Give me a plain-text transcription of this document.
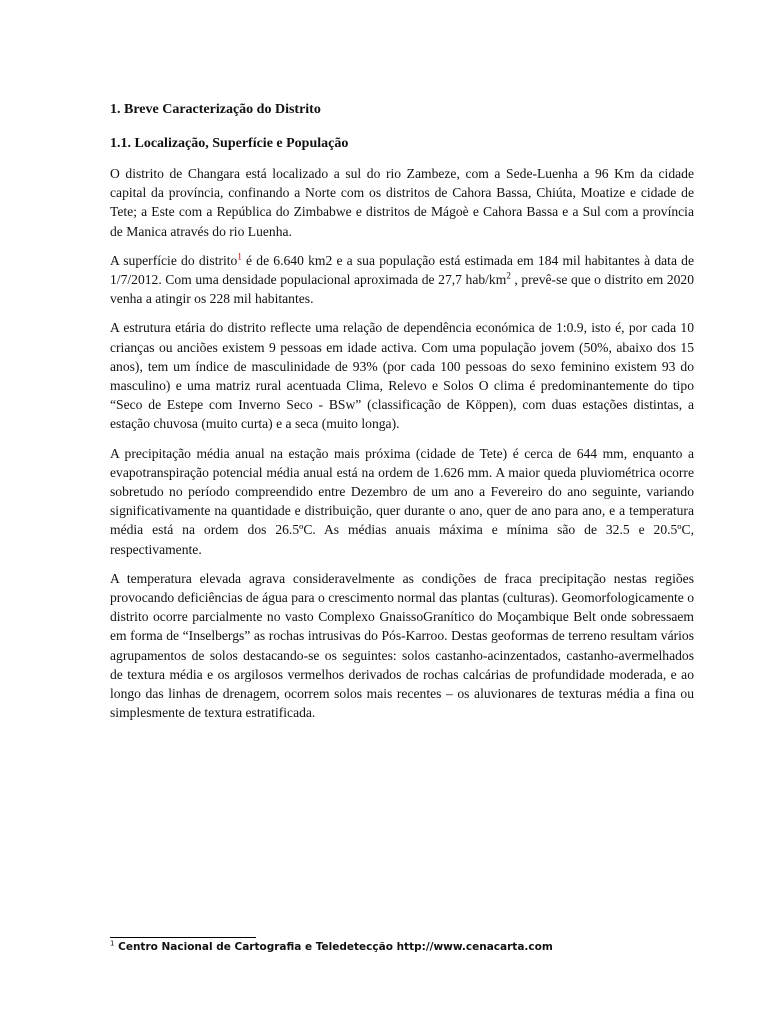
1. Breve Caracterização do Distrito
1.1. Localização, Superfície e População

O distrito de Changara está localizado a sul do rio Zambeze, com a Sede-Luenha a 96 Km da cidade capital da província, confinando a Norte com os distritos de Cahora Bassa, Chiúta, Moatize e cidade de Tete; a Este com a República do Zimbabwe e distritos de Mágoè e Cahora Bassa e a Sul com a província de Manica através do rio Luenha.

A superfície do distrito$^1$ é de 6.640 km2 e a sua população está estimada em 184 mil habitantes à data de 1/7/2012. Com uma densidade populacional aproximada de 27,7 hab/$km^2$ , prevê-se que o distrito em 2020 venha a atingir os 228 mil habitantes.

A estrutura etária do distrito reflecte uma relação de dependência económica de 1:0.9, isto é, por cada 10 crianças ou anciões existem 9 pessoas em idade activa. Com uma população jovem (50%, abaixo dos 15 anos), tem um índice de masculinidade de 93% (por cada 100 pessoas do sexo feminino existem 93 do masculino) e uma matriz rural acentuada Clima, Relevo e Solos O clima é predominantemente do tipo “Seco de Estepe com Inverno Seco - BSw” (classificação de Köppen), com duas estações distintas, a estação chuvosa (muito curta) e a seca (muito longa).

A precipitação média anual na estação mais próxima (cidade de Tete) é cerca de 644 mm, enquanto a evapotranspiração potencial média anual está na ordem de 1.626 mm. A maior queda pluviométrica ocorre sobretudo no período compreendido entre Dezembro de um ano a Fevereiro do ano seguinte, variando significativamente na quantidade e distribuição, quer durante o ano, quer de ano para ano, e a temperatura média está na ordem dos 26.5ºC. As médias anuais máxima e mínima são de 32.5 e 20.5ºC, respectivamente.

A temperatura elevada agrava consideravelmente as condições de fraca precipitação nestas regiões provocando deficiências de água para o crescimento normal das plantas (culturas). Geomorfologicamente o distrito ocorre parcialmente no vasto Complexo GnaissoGranítico do Moçambique Belt onde sobressaem em forma de “Inselbergs” as rochas intrusivas do Pós-Karroo. Destas geoformas de terreno resultam vários agrupamentos de solos destacando-se os seguintes: solos castanho-acinzentados, castanho-avermelhados de textura média e os argilosos vermelhos derivados de rochas calcárias de profundidade moderada, e ao longo das linhas de drenagem, ocorrem solos mais recentes – os aluvionares de texturas média a fina ou simplesmente de textura estratificada.

$^1$ Centro Nacional de Cartografia e Teledetecção http://www.cenacarta.com
